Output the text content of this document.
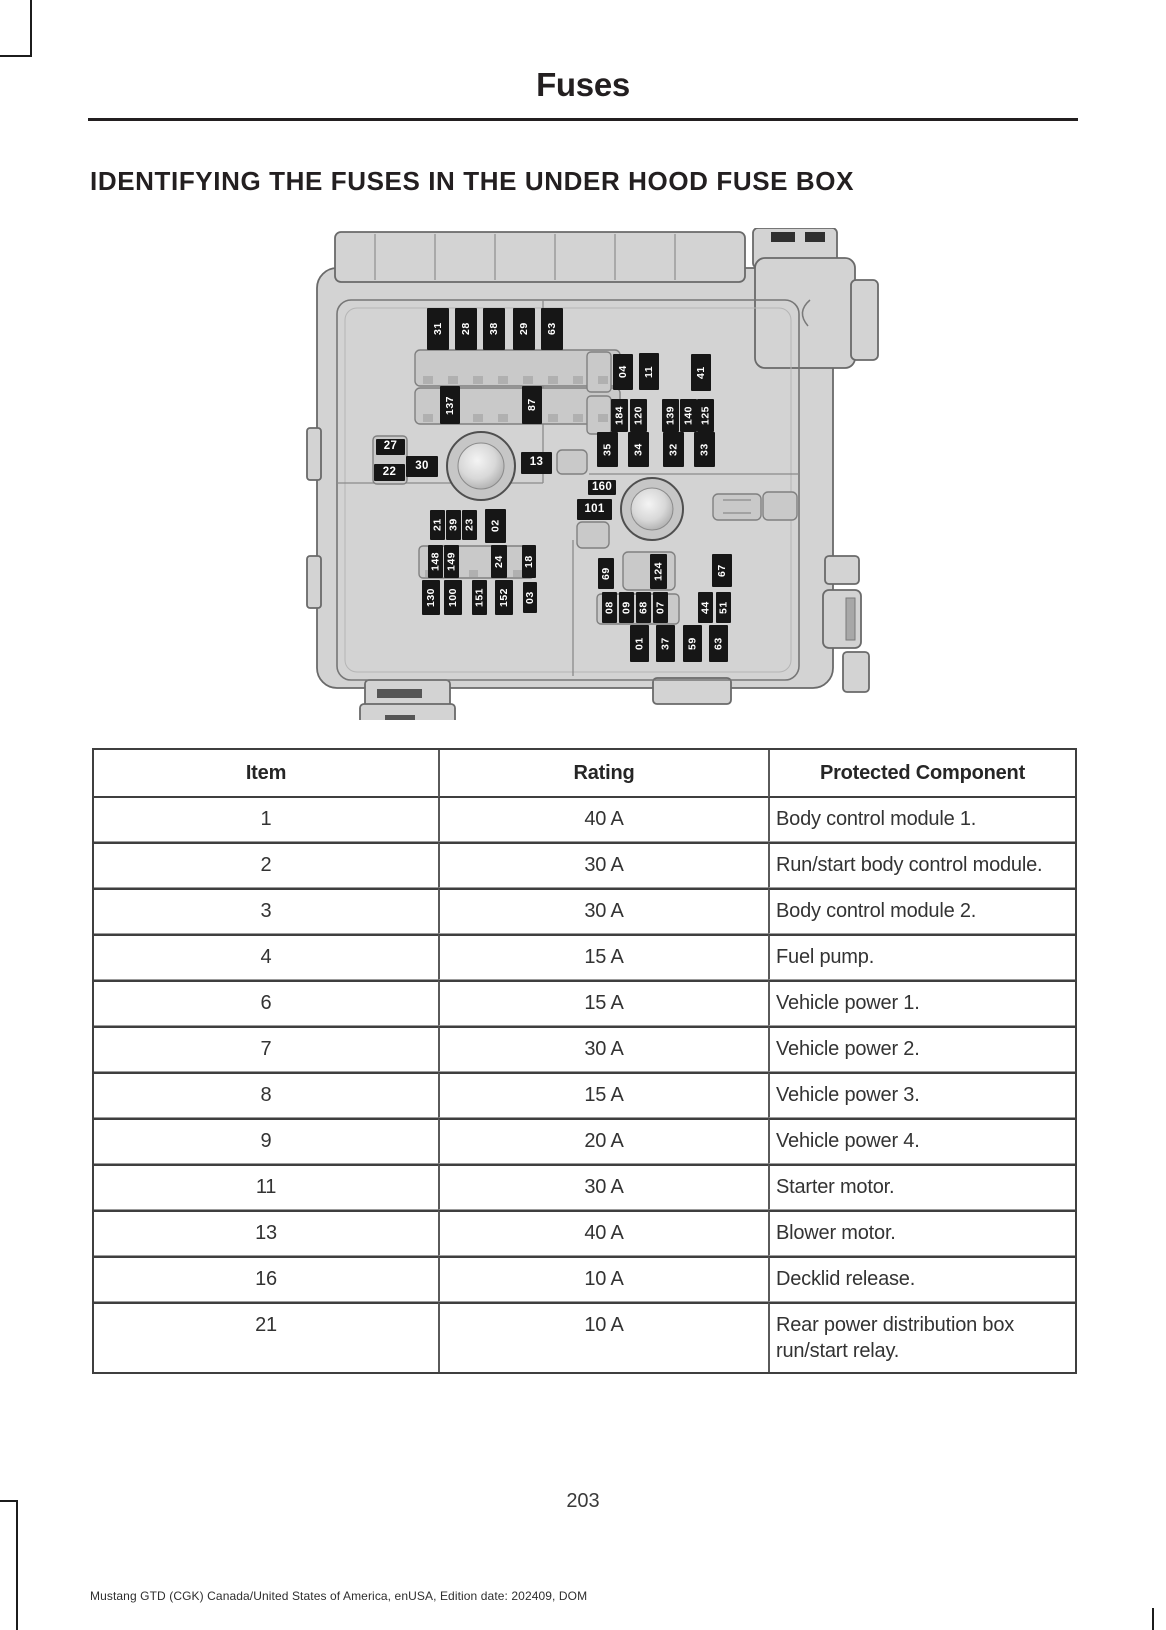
Fuses
IDENTIFYING THE FUSES IN THE UNDER HOOD FUSE BOX
31	28	38	29	63
137	87
04	11	41
184 120 139 140 125
35	34	32	33
27
22	30	13
160
101
21 39 23	02
148 149	24 18
130 100	151 152	03
69	124	67
08 09 68 07	44 51
01	37	59	63
Item	Rating	Protected Component
1	40 A	Body control module 1.
2	30 A	Run/start body control module.
3	30 A	Body control module 2.
4	15 A	Fuel pump.
6	15 A	Vehicle power 1.
7	30 A	Vehicle power 2.
8	15 A	Vehicle power 3.
9	20 A	Vehicle power 4.
11	30 A	Starter motor.
13	40 A	Blower motor.
16	10 A	Decklid release.
21	10 A	Rear power distribution box run/start relay.
203
Mustang GTD (CGK) Canada/United States of America, enUSA, Edition date: 202409, DOM
